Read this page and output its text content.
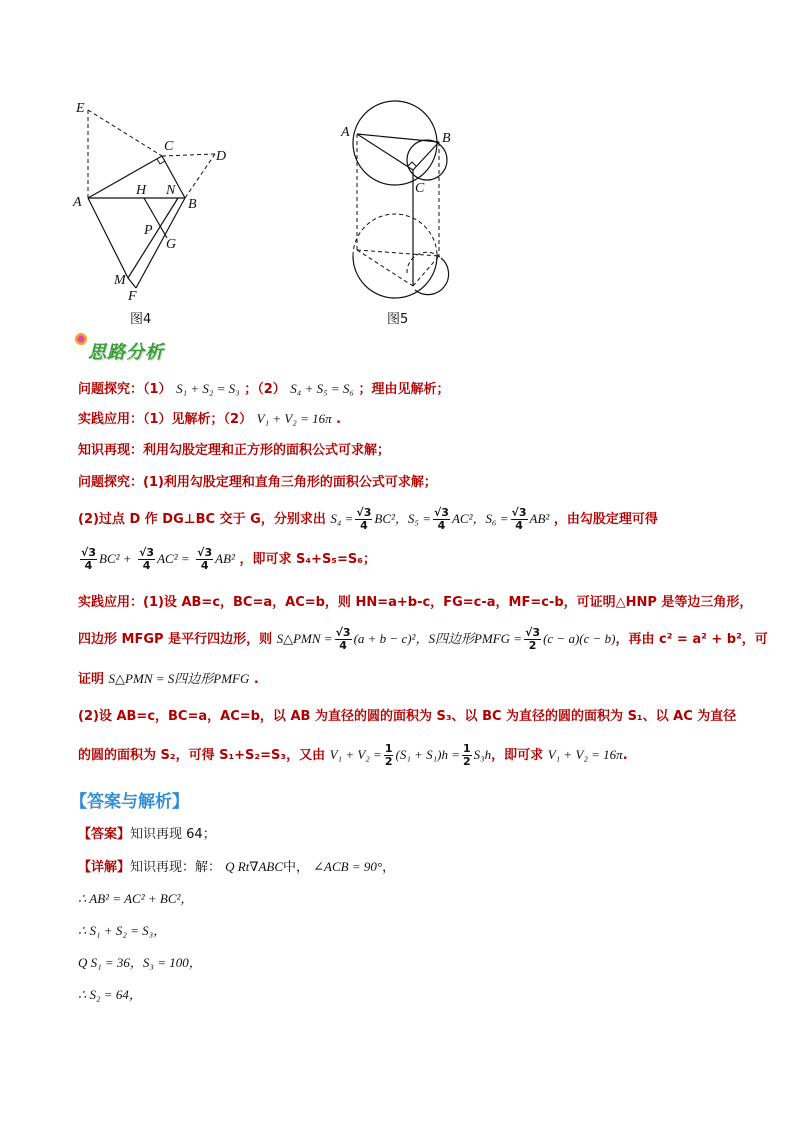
E
C
D
A
H N
B
P
G
M
F
图4
A	B
C
图5
思路分析
问题探究：（1） S₁ + S₂ = S₃ ；（2） S₄ + S₅ = S₆ ；理由见解析；
实践应用：（1）见解析；（2） V₁ + V₂ = 16π .
知识再现：利用勾股定理和正方形的面积公式可求解；
问题探究：(1)利用勾股定理和直角三角形的面积公式可求解；
(2)过点 D 作 DG⊥BC 交于 G，分别求出 $S_4 = \frac{√3}{4} BC^2$，$S_5 = \frac{√3}{4} AC^2$，$S_6 = \frac{√3}{4} AB^2$ ，由勾股定理可得
$\frac{√3}{4} BC^2 + \frac{√3}{4} AC^2 = \frac{√3}{4} AB^2$ ，即可求 S₄+S₅=S₆；
实践应用：(1)设 AB=c，BC=a，AC=b，则 HN=a+b-c，FG=c-a，MF=c-b，可证明△HNP 是等边三角形，
四边形 MFGP 是平行四边形，则 S△PMN = $\frac{√3}{4} (a + b - c)^2$，S四边形PMFG = $\frac{√3}{2} (c - a)(c - b)$，再由 c² = a² + b²，可
证明 S△PMN = S四边形PMFG .
(2)设 AB=c，BC=a，AC=b，以 AB 为直径的圆的面积为 S₃、以 BC 为直径的圆的面积为 S₁、以 AC 为直径
的圆的面积为 S₂，可得 S₁+S₂=S₃，又由 $V_1 + V_2 = \frac{1}{2} (S_1 + S_1)h = \frac{1}{2} S_3h$，即可求 V₁ + V₂ = 16π.
【答案与解析】
【答案】知识再现 64；
【详解】知识再现：解： Q Rt∇ABC中， ∠ACB = 90°，
∴ AB² = AC² + BC²，
∴ S₁ + S₂ = S₃，
Q S₁ = 36，S₃ = 100，
∴ S₂ = 64，
